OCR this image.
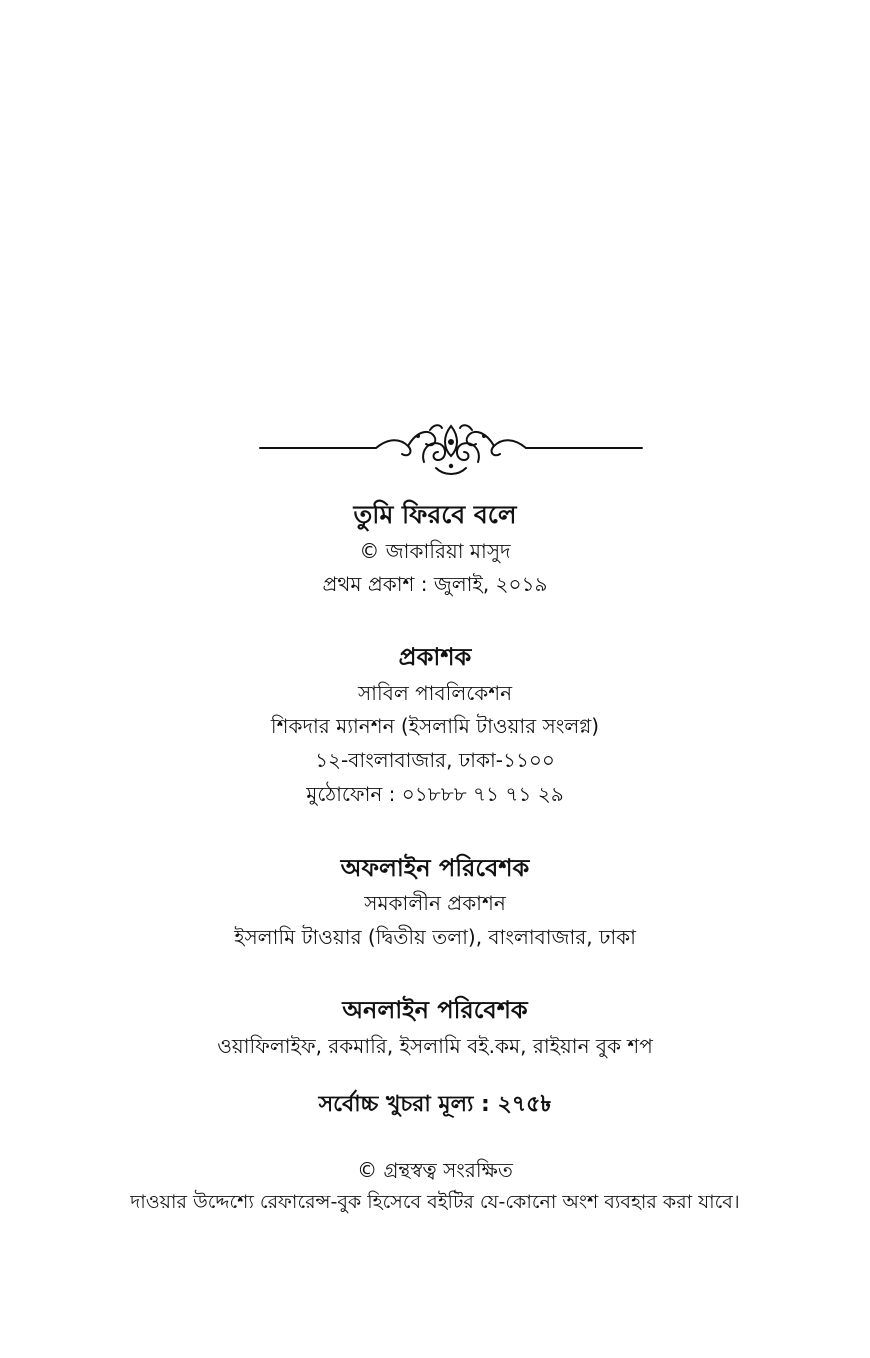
তুমি ফিরবে বলে
© জাকারিয়া মাসুদ
প্রথম প্রকাশ : জুলাই, ২০১৯
প্রকাশক
সাবিল পাবলিকেশন
শিকদার ম্যানশন (ইসলামি টাওয়ার সংলগ্ন)
১২-বাংলাবাজার, ঢাকা-১১০০
মুঠোফোন : ০১৮৮৮ ৭১ ৭১ ২৯
অফলাইন পরিবেশক
সমকালীন প্রকাশন
ইসলামি টাওয়ার (দ্বিতীয় তলা), বাংলাবাজার, ঢাকা
অনলাইন পরিবেশক
ওয়াফিলাইফ, রকমারি, ইসলামি বই.কম, রাইয়ান বুক শপ
সর্বোচ্চ খুচরা মূল্য : ২৭৫৳
© গ্রন্থস্বত্ব সংরক্ষিত
দাওয়ার উদ্দেশ্যে রেফারেন্স-বুক হিসেবে বইটির যে-কোনো অংশ ব্যবহার করা যাবে।
